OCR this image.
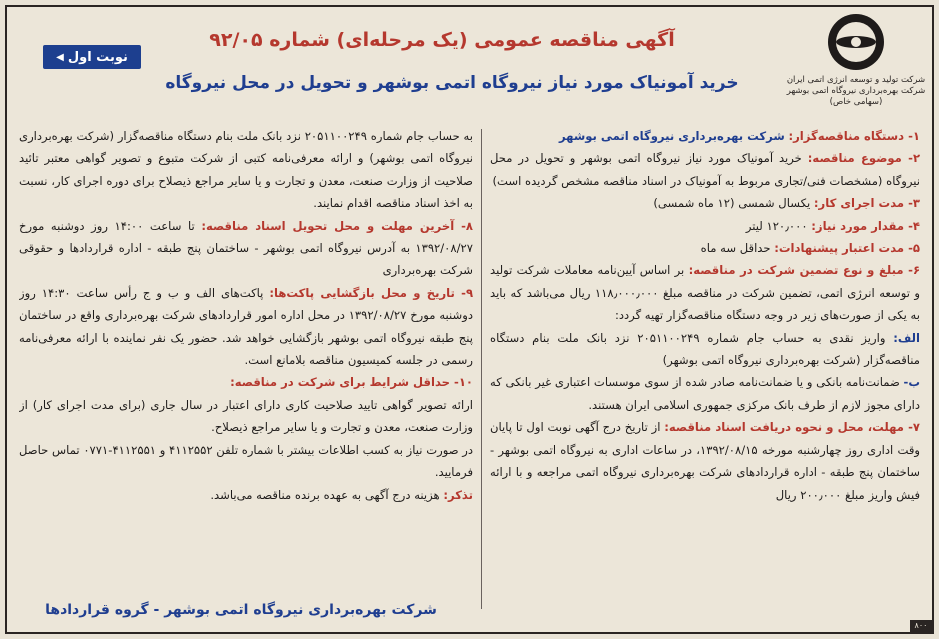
شرکت تولید و توسعه انرژی اتمی ایران شرکت بهره‌برداری نیروگاه اتمی بوشهر (سهامی خاص)
آگهی مناقصه عمومی (یک مرحله‌ای) شماره ۹۲/۰۵
خرید آمونیاک مورد نیاز نیروگاه اتمی بوشهر و تحویل در محل نیروگاه
نوبت اول
◀
۱- دستگاه مناقصه‌گزار: شرکت بهره‌برداری نیروگاه اتمی بوشهر
۲- موضوع مناقصه: خرید آمونیاک مورد نیاز نیروگاه اتمی بوشهر و تحویل در محل نیروگاه (مشخصات فنی/تجاری مربوط به آمونیاک در اسناد مناقصه مشخص گردیده است)
۳- مدت اجرای کار: یکسال شمسی (۱۲ ماه شمسی)
۴- مقدار مورد نیاز: ۱۲۰٫۰۰۰ لیتر
۵- مدت اعتبار پیشنهادات: حداقل سه ماه
۶- مبلغ و نوع تضمین شرکت در مناقصه: بر اساس آیین‌نامه معاملات شرکت تولید و توسعه انرژی اتمی، تضمین شرکت در مناقصه مبلغ ۱۱۸٫۰۰۰٫۰۰۰ ریال می‌باشد که باید به یکی از صورت‌های زیر در وجه دستگاه مناقصه‌گزار تهیه گردد:
الف: واریز نقدی به حساب جام شماره ۲۰۵۱۱۰۰۲۴۹ نزد بانک ملت بنام دستگاه مناقصه‌گزار (شرکت بهره‌برداری نیروگاه اتمی بوشهر)
ب- ضمانت‌نامه بانکی و یا ضمانت‌نامه صادر شده از سوی موسسات اعتباری غیر بانکی که دارای مجوز لازم از طرف بانک مرکزی جمهوری اسلامی ایران هستند.
۷- مهلت، محل و نحوه دریافت اسناد مناقصه: از تاریخ درج آگهی نوبت اول تا پایان وقت اداری روز چهارشنبه مورخه ۱۳۹۲/۰۸/۱۵، در ساعات اداری به نیروگاه اتمی بوشهر - ساختمان پنج طبقه - اداره قراردادهای شرکت بهره‌برداری نیروگاه اتمی مراجعه و با ارائه فیش واریز مبلغ ۲۰۰٫۰۰۰ ریال
به حساب جام شماره ۲۰۵۱۱۰۰۲۴۹ نزد بانک ملت بنام دستگاه مناقصه‌گزار (شرکت بهره‌برداری نیروگاه اتمی بوشهر) و ارائه معرفی‌نامه کتبی از شرکت متبوع و تصویر گواهی معتبر تائید صلاحیت از وزارت صنعت، معدن و تجارت و یا سایر مراجع ذیصلاح برای دوره اجرای کار، نسبت به اخذ اسناد مناقصه اقدام نمایند.
۸- آخرین مهلت و محل تحویل اسناد مناقصه: تا ساعت ۱۴:۰۰ روز دوشنبه مورخ ۱۳۹۲/۰۸/۲۷ به آدرس نیروگاه اتمی بوشهر - ساختمان پنج طبقه - اداره قراردادها و حقوقی شرکت بهره‌برداری
۹- تاریخ و محل بازگشایی پاکت‌ها: پاکت‌های الف و ب و ج رأس ساعت ۱۴:۳۰ روز دوشنبه مورخ ۱۳۹۲/۰۸/۲۷ در محل اداره امور قراردادهای شرکت بهره‌برداری واقع در ساختمان پنج طبقه نیروگاه اتمی بوشهر بازگشایی خواهد شد. حضور یک نفر نماینده با ارائه معرفی‌نامه رسمی در جلسه کمیسیون مناقصه بلامانع است.
۱۰- حداقل شرایط برای شرکت در مناقصه:
ارائه تصویر گواهی تایید صلاحیت کاری دارای اعتبار در سال جاری (برای مدت اجرای کار) از وزارت صنعت، معدن و تجارت و یا سایر مراجع ذیصلاح.
در صورت نیاز به کسب اطلاعات بیشتر با شماره تلفن ۴۱۱۲۵۵۲ و ۴۱۱۲۵۵۱-۰۷۷۱ تماس حاصل فرمایید.
تذکر: هزینه درج آگهی به عهده برنده مناقصه می‌باشد.
شرکت بهره‌برداری نیروگاه اتمی بوشهر - گروه قراردادها
۸۰۰
